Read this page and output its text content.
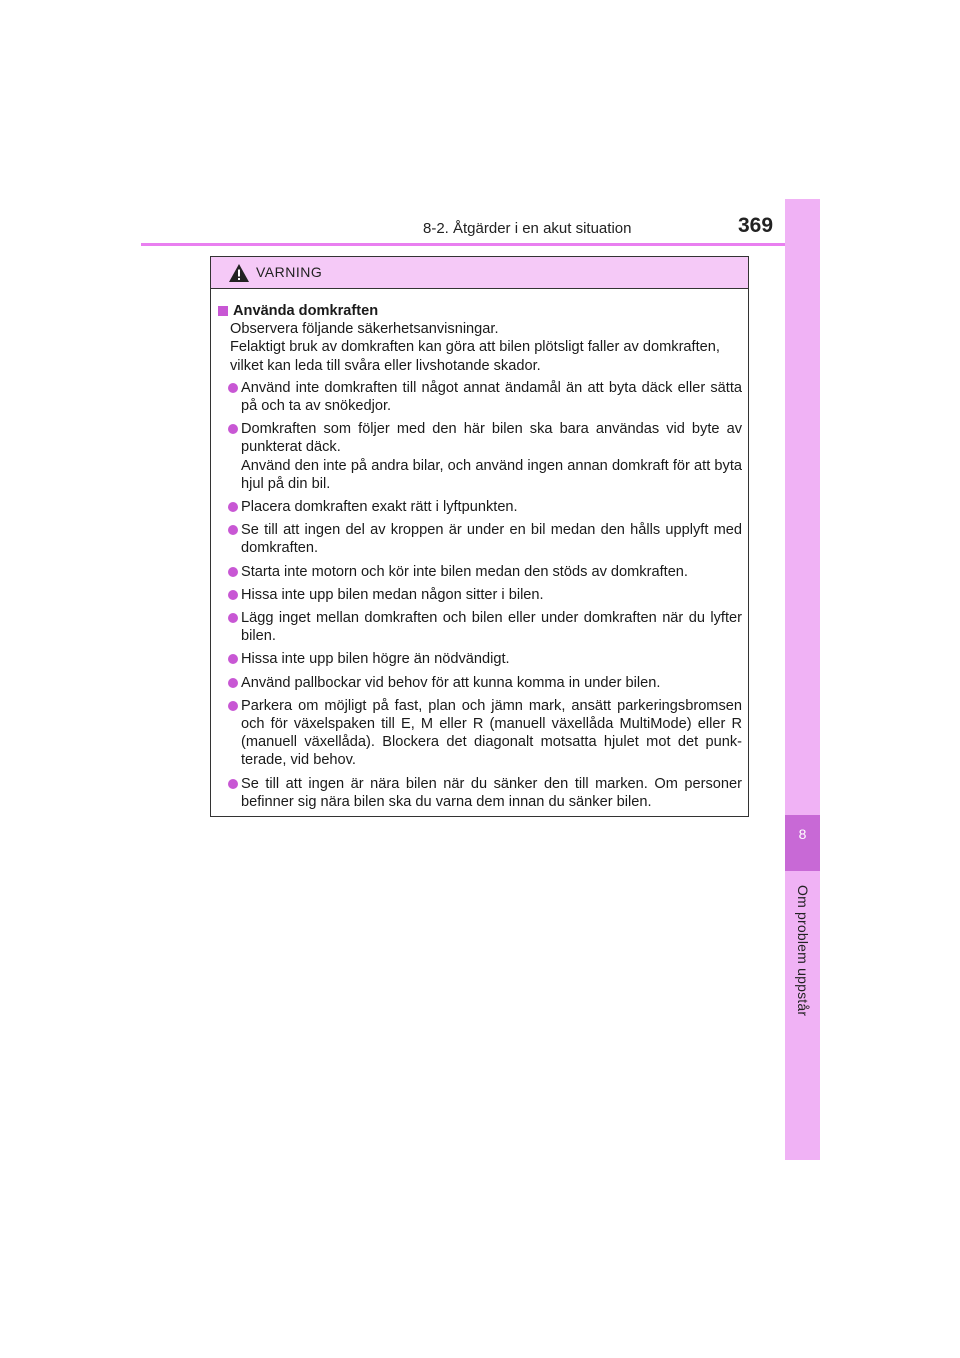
8-2. Åtgärder i en akut situation	369
8
Om problem uppstår
VARNING
Använda domkraften
Observera följande säkerhetsanvisningar.
Felaktigt bruk av domkraften kan göra att bilen plötsligt faller av domkraften, vilket kan leda till svåra eller livshotande skador.

Använd inte domkraften till något annat ändamål än att byta däck eller sätta på och ta av snökedjor.

Domkraften som följer med den här bilen ska bara användas vid byte av punkterat däck.

Använd den inte på andra bilar, och använd ingen annan domkraft för att byta hjul på din bil.

Placera domkraften exakt rätt i lyftpunkten.

Se till att ingen del av kroppen är under en bil medan den hålls upplyft med domkraften.

Starta inte motorn och kör inte bilen medan den stöds av domkraften.

Hissa inte upp bilen medan någon sitter i bilen.

Lägg inget mellan domkraften och bilen eller under domkraften när du lyfter bilen.

Hissa inte upp bilen högre än nödvändigt.

Använd pallbockar vid behov för att kunna komma in under bilen.

Parkera om möjligt på fast, plan och jämn mark, ansätt parkeringsbromsen och för växelspaken till E, M eller R (manuell växellåda MultiMode) eller R (manuell växellåda). Blockera det diagonalt motsatta hjulet mot det punk-terade, vid behov.

Se till att ingen är nära bilen när du sänker den till marken. Om personer befinner sig nära bilen ska du varna dem innan du sänker bilen.
